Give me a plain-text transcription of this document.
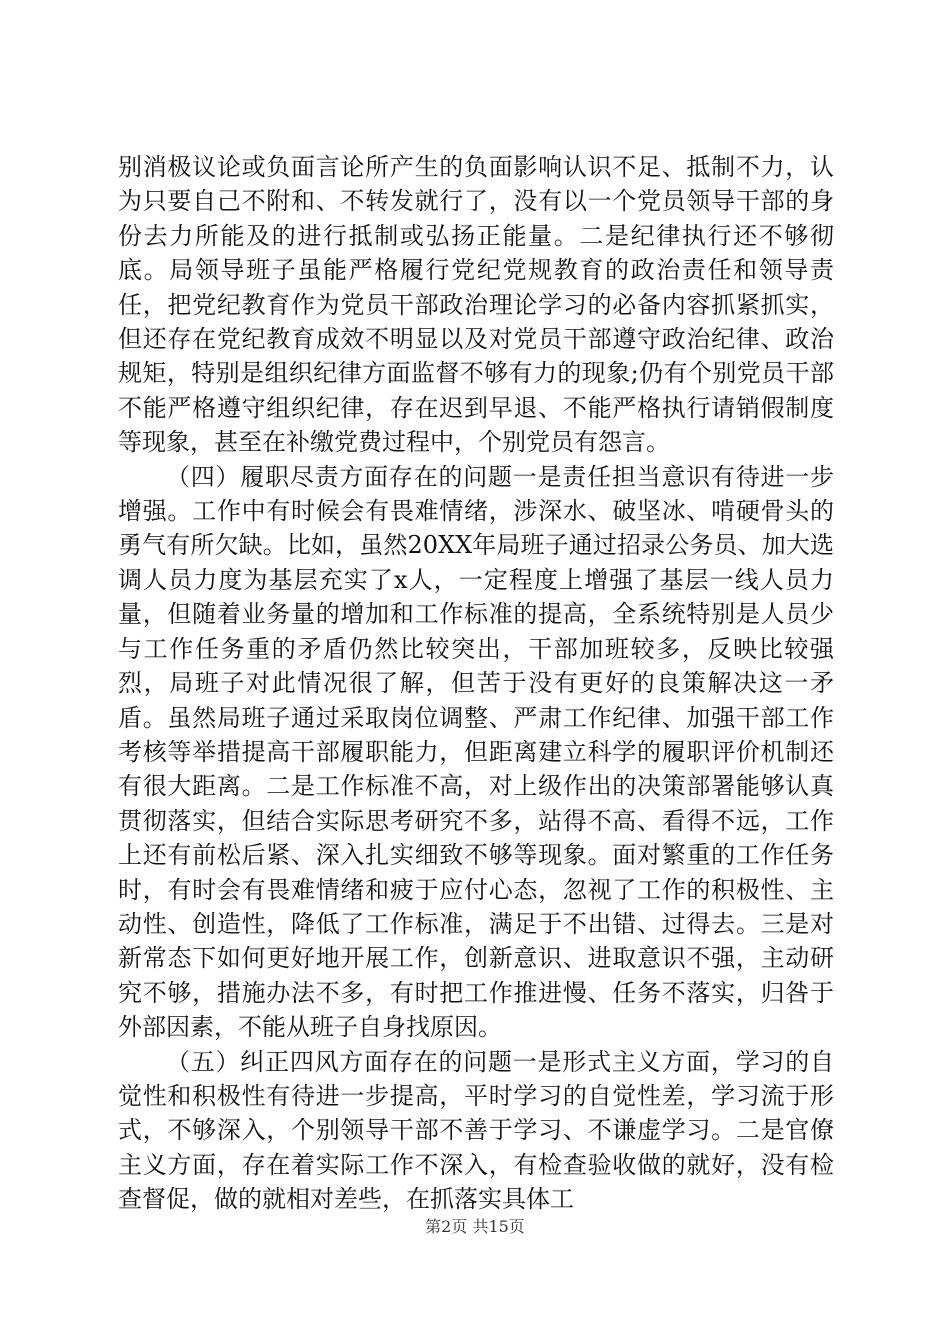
别消极议论或负面言论所产生的负面影响认识不足、抵制不力，认为只要自己不附和、不转发就行了，没有以一个党员领导干部的身份去力所能及的进行抵制或弘扬正能量。二是纪律执行还不够彻底。局领导班子虽能严格履行党纪党规教育的政治责任和领导责任，把党纪教育作为党员干部政治理论学习的必备内容抓紧抓实，但还存在党纪教育成效不明显以及对党员干部遵守政治纪律、政治规矩，特别是组织纪律方面监督不够有力的现象;仍有个别党员干部不能严格遵守组织纪律，存在迟到早退、不能严格执行请销假制度等现象，甚至在补缴党费过程中，个别党员有怨言。

（四）履职尽责方面存在的问题一是责任担当意识有待进一步增强。工作中有时候会有畏难情绪，涉深水、破坚冰、啃硬骨头的勇气有所欠缺。比如，虽然20XX年局班子通过招录公务员、加大选调人员力度为基层充实了x人，一定程度上增强了基层一线人员力量，但随着业务量的增加和工作标准的提高，全系统特别是人员少与工作任务重的矛盾仍然比较突出，干部加班较多，反映比较强烈，局班子对此情况很了解，但苦于没有更好的良策解决这一矛盾。虽然局班子通过采取岗位调整、严肃工作纪律、加强干部工作考核等举措提高干部履职能力，但距离建立科学的履职评价机制还有很大距离。二是工作标准不高，对上级作出的决策部署能够认真贯彻落实，但结合实际思考研究不多，站得不高、看得不远，工作上还有前松后紧、深入扎实细致不够等现象。面对繁重的工作任务时，有时会有畏难情绪和疲于应付心态，忽视了工作的积极性、主动性、创造性，降低了工作标准，满足于不出错、过得去。三是对新常态下如何更好地开展工作，创新意识、进取意识不强，主动研究不够，措施办法不多，有时把工作推进慢、任务不落实，归咎于外部因素，不能从班子自身找原因。

（五）纠正四风方面存在的问题一是形式主义方面，学习的自觉性和积极性有待进一步提高，平时学习的自觉性差，学习流于形式，不够深入，个别领导干部不善于学习、不谦虚学习。二是官僚主义方面，存在着实际工作不深入，有检查验收做的就好，没有检查督促，做的就相对差些，在抓落实具体工

第2页 共15页
